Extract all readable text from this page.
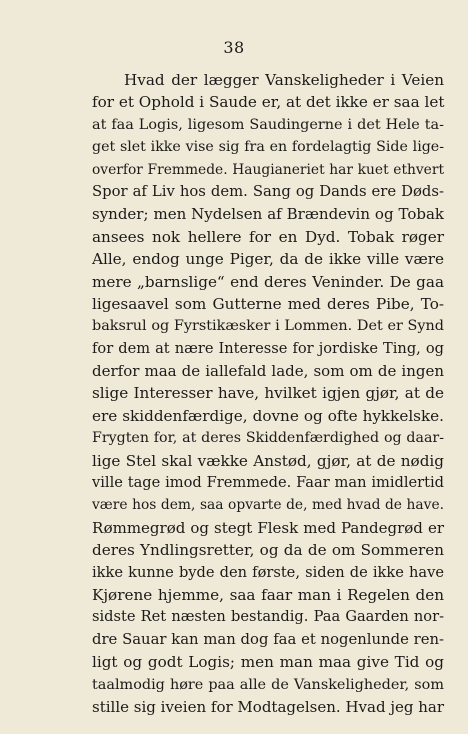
38
Hvad der lægger Vanskeligheder i Veien
for et Ophold i Saude er, at det ikke er saa let
at faa Logis, ligesom Saudingerne i det Hele ta-
get slet ikke vise sig fra en fordelagtig Side lige-
overfor Fremmede. Haugianeriet har kuet ethvert
Spor af Liv hos dem. Sang og Dands ere Døds-
synder; men Nydelsen af Brændevin og Tobak
ansees nok hellere for en Dyd. Tobak røger
Alle, endog unge Piger, da de ikke ville være
mere „barnslige“ end deres Veninder. De gaa
ligesaavel som Gutterne med deres Pibe, To-
baksrul og Fyrstikæsker i Lommen. Det er Synd
for dem at nære Interesse for jordiske Ting, og
derfor maa de iallefald lade, som om de ingen
slige Interesser have, hvilket igjen gjør, at de
ere skiddenfærdige, dovne og ofte hykkelske.
Frygten for, at deres Skiddenfærdighed og daar-
lige Stel skal vække Anstød, gjør, at de nødig
ville tage imod Fremmede. Faar man imidlertid
være hos dem, saa opvarte de, med hvad de have.
Rømmegrød og stegt Flesk med Pandegrød er
deres Yndlingsretter, og da de om Sommeren
ikke kunne byde den første, siden de ikke have
Kjørene hjemme, saa faar man i Regelen den
sidste Ret næsten bestandig. Paa Gaarden nor-
dre Sauar kan man dog faa et nogenlunde ren-
ligt og godt Logis; men man maa give Tid og
taalmodig høre paa alle de Vanskeligheder, som
stille sig iveien for Modtagelsen. Hvad jeg har
